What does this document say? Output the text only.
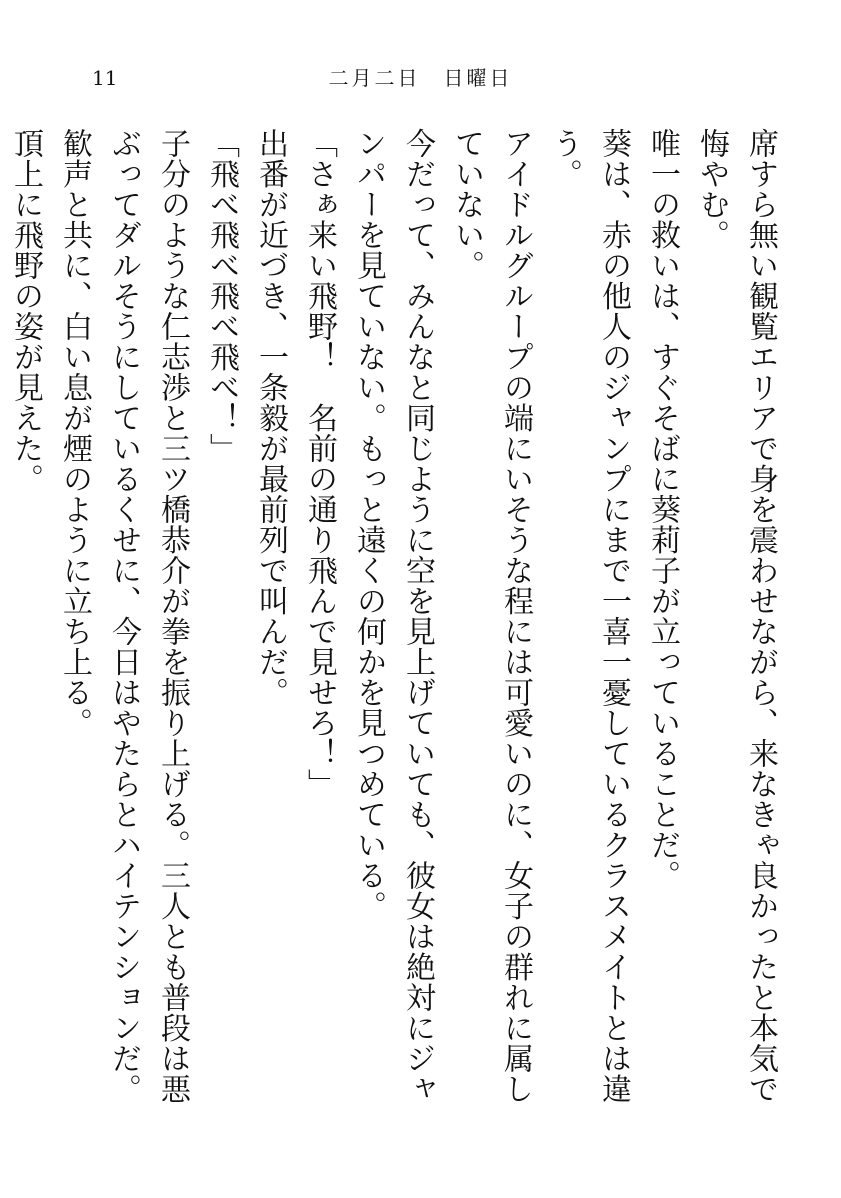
11	二月二日　日曜日

席すら無い観覧エリアで身を震わせながら、来なきゃ良かったと本気で悔やむ。

唯一の救いは、すぐそばに葵莉子が立っていることだ。

葵は、赤の他人のジャンプにまで一喜一憂しているクラスメイトとは違う。

アイドルグループの端にいそうな程には可愛いのに、女子の群れに属していない。

今だって、みんなと同じように空を見上げていても、彼女は絶対にジャンパーを見ていない。もっと遠くの何かを見つめている。

「さぁ来い飛野！　名前の通り飛んで見せろ！」

出番が近づき、一条毅が最前列で叫んだ。

「飛べ飛べ飛べ飛べ！」

子分のような仁志渉と三ツ橋恭介が拳を振り上げる。三人とも普段は悪ぶってダルそうにしているくせに、今日はやたらとハイテンションだ。

歓声と共に、白い息が煙のように立ち上る。

頂上に飛野の姿が見えた。
